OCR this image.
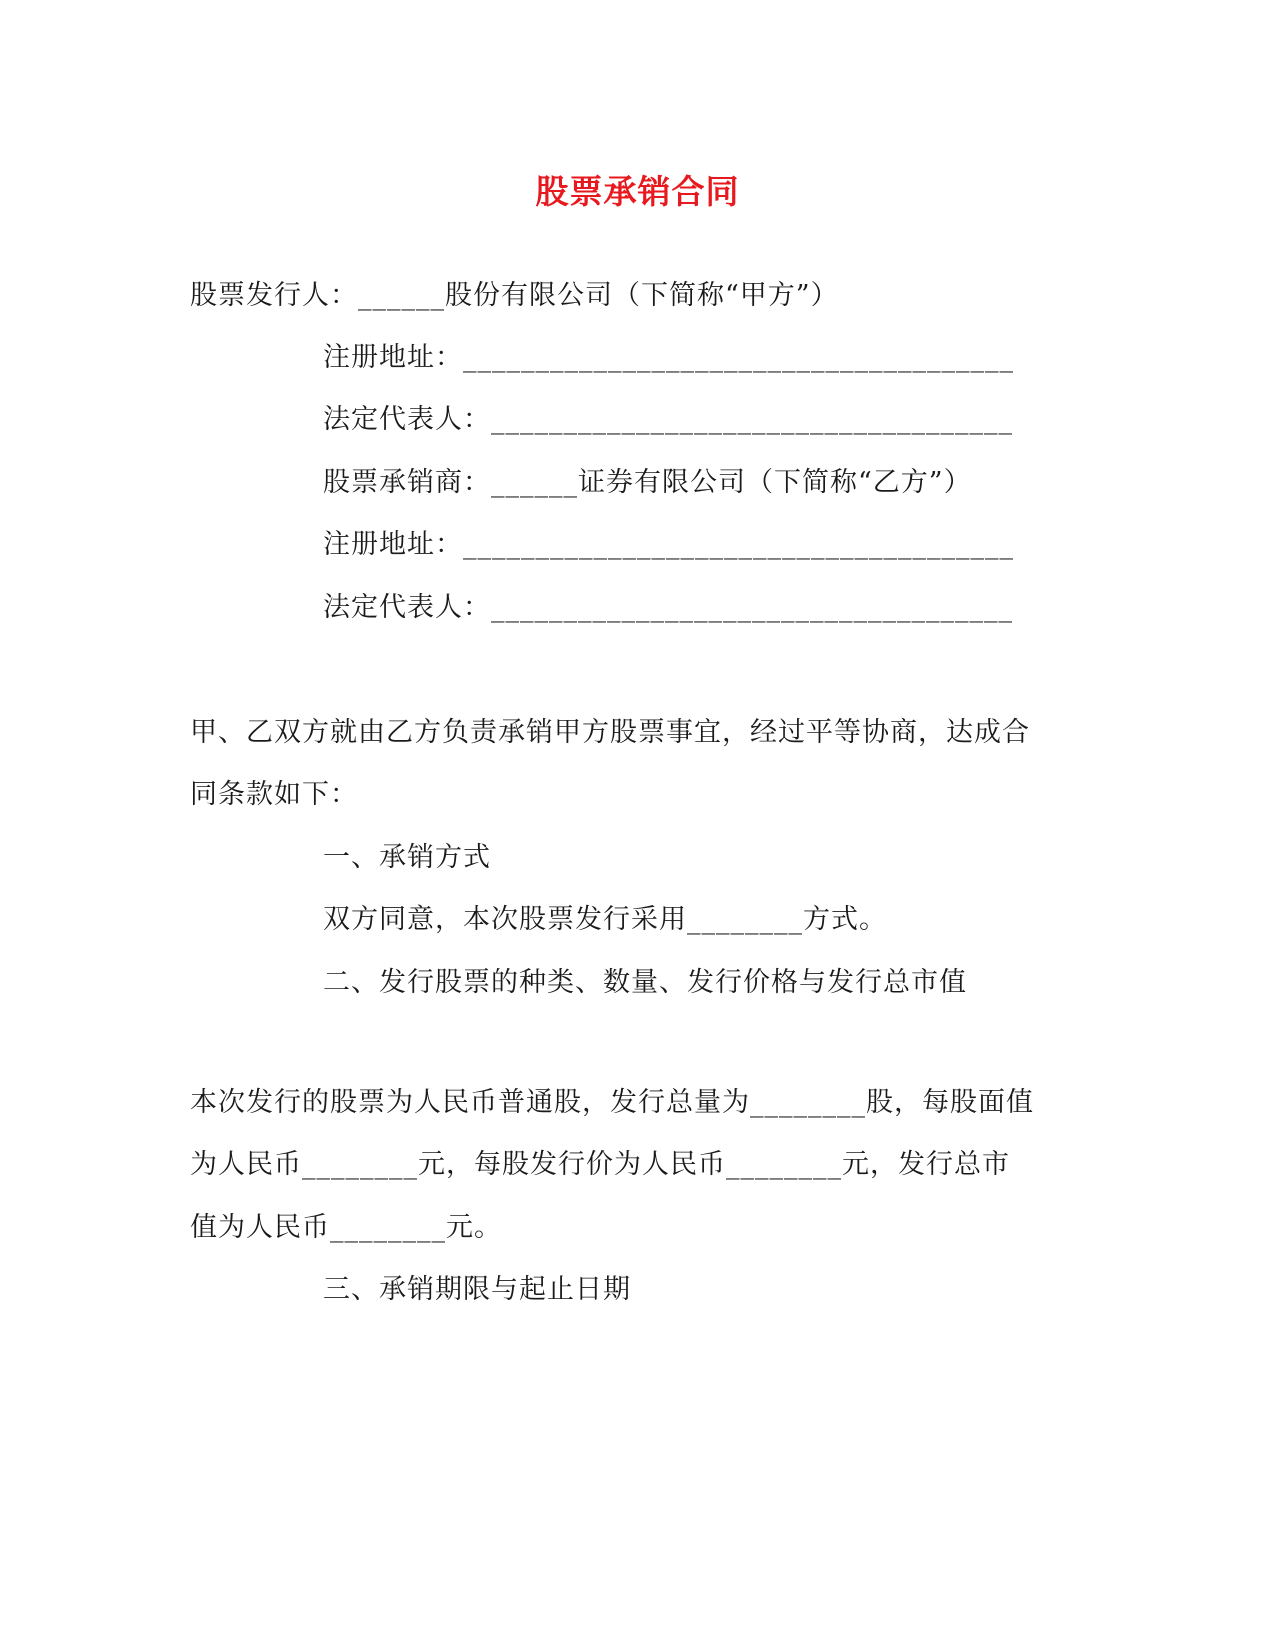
股票承销合同
股票发行人：______股份有限公司（下简称“甲方”）
注册地址：______________________________________
法定代表人：____________________________________
股票承销商：______证券有限公司（下简称“乙方”）
注册地址：______________________________________
法定代表人：____________________________________
甲、乙双方就由乙方负责承销甲方股票事宜，经过平等协商，达成合
同条款如下：
一、承销方式
双方同意，本次股票发行采用________方式。
二、发行股票的种类、数量、发行价格与发行总市值
本次发行的股票为人民币普通股，发行总量为________股，每股面值
为人民币________元，每股发行价为人民币________元，发行总市
值为人民币________元。
三、承销期限与起止日期
